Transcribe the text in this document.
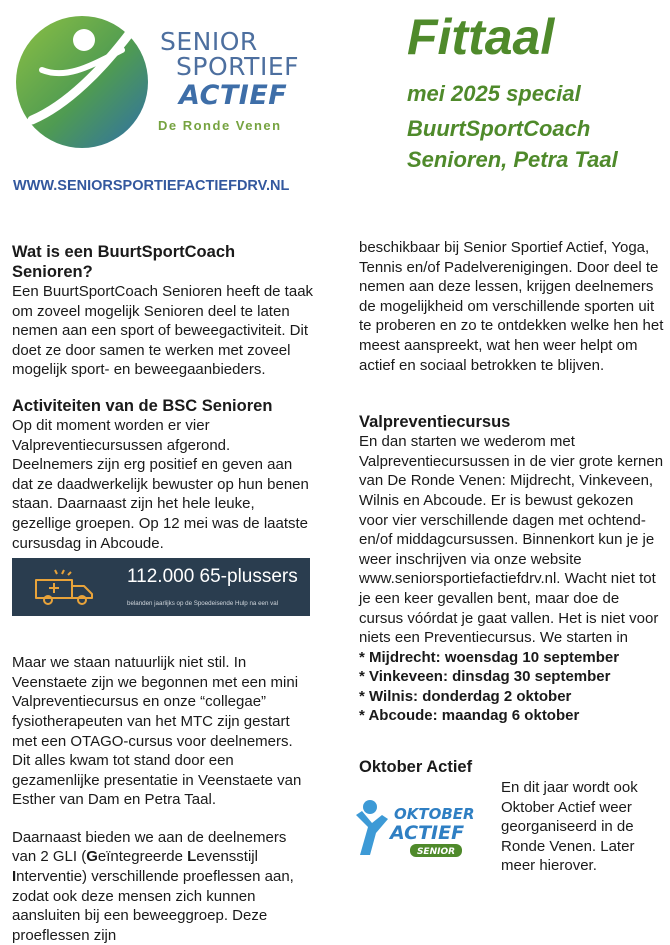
SENIOR
SPORTIEF
ACTIEF
De Ronde Venen
WWW.SENIORSPORTIEFACTIEFDRV.NL
Fittaal
mei 2025 special
BuurtSportCoach
Senioren, Petra Taal
Wat is een BuurtSportCoach Senioren?

Een BuurtSportCoach Senioren heeft de taak om zoveel mogelijk Senioren deel te laten nemen aan een sport of beweegactiviteit. Dit doet ze door samen te werken met zoveel mogelijk sport- en beweegaanbieders.

Activiteiten van de BSC Senioren

Op dit moment worden er vier Valpreventiecursussen afgerond. Deelnemers zijn erg positief en geven aan dat ze daadwerkelijk bewuster op hun benen staan. Daarnaast zijn het hele leuke, gezellige groepen. Op 12 mei was de laatste cursusdag in Abcoude.

112.000 65-plussers
belanden jaarlijks op de Spoedeisende Hulp na een val

Maar we staan natuurlijk niet stil. In Veenstaete zijn we begonnen met een mini Valpreventiecursus en onze “collegae” fysiotherapeuten van het MTC zijn gestart met een OTAGO-cursus voor deelnemers. Dit alles kwam tot stand door een gezamenlijke presentatie in Veenstaete van Esther van Dam en Petra Taal.

Daarnaast bieden we aan de deelnemers van 2 GLI (Geïntegreerde Levensstijl Interventie) verschillende proeflessen aan, zodat ook deze mensen zich kunnen aansluiten bij een beweeggroep. Deze proeflessen zijn

beschikbaar bij Senior Sportief Actief, Yoga, Tennis en/of Padelverenigingen. Door deel te nemen aan deze lessen, krijgen deelnemers de mogelijkheid om verschillende sporten uit te proberen en zo te ontdekken welke hen het meest aanspreekt, wat hen weer helpt om actief en sociaal betrokken te blijven.

Valpreventiecursus

En dan starten we wederom met Valpreventiecursussen in de vier grote kernen van De Ronde Venen: Mijdrecht, Vinkeveen, Wilnis en Abcoude. Er is bewust gekozen voor vier verschillende dagen met ochtend- en/of middagcursussen. Binnenkort kun je je weer inschrijven via onze website www.seniorsportiefactiefdrv.nl. Wacht niet tot je een keer gevallen bent, maar doe de cursus vóórdat je gaat vallen. Het is niet voor niets een Preventiecursus. We starten in

* Mijdrecht: woensdag 10 september
* Vinkeveen: dinsdag 30 september
* Wilnis: donderdag 2 oktober
* Abcoude: maandag 6 oktober
Oktober Actief
OKTOBER
ACTIEF
SENIOR
En dit jaar wordt ook Oktober Actief weer georganiseerd in de Ronde Venen. Later meer hierover.
